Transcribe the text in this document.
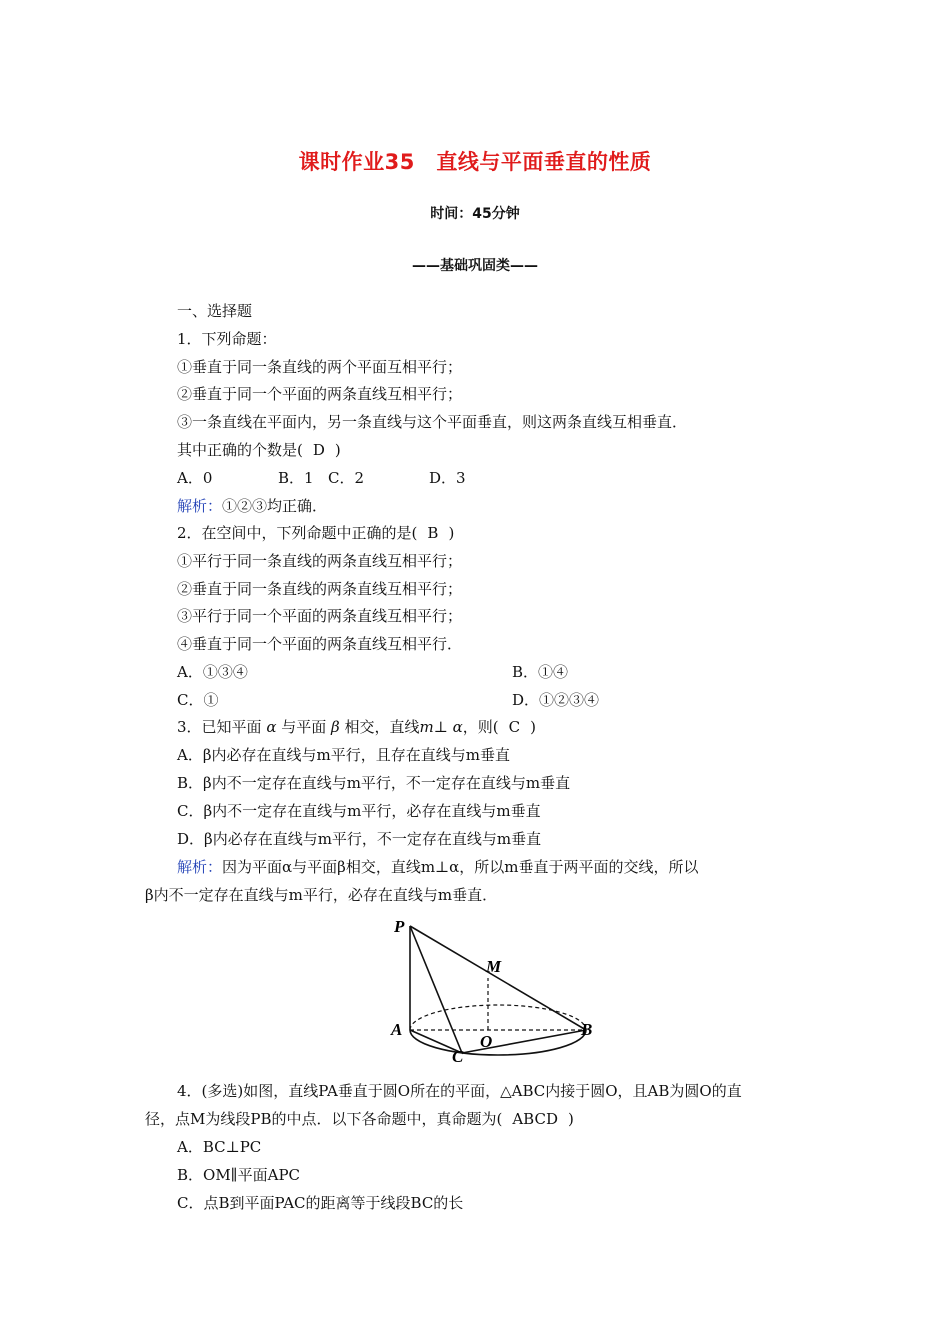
课时作业35　直线与平面垂直的性质
时间：45分钟
——基础巩固类——
一、选择题
1．下列命题：
①垂直于同一条直线的两个平面互相平行；
②垂直于同一个平面的两条直线互相平行；
③一条直线在平面内，另一条直线与这个平面垂直，则这两条直线互相垂直．
其中正确的个数是( D )
A．0	B．1 C．2	D．3
解析：①②③均正确．
2．在空间中，下列命题中正确的是( B )
①平行于同一条直线的两条直线互相平行；
②垂直于同一条直线的两条直线互相平行；
③平行于同一个平面的两条直线互相平行；
④垂直于同一个平面的两条直线互相平行．
A．①③④	B．①④
C．①	D．①②③④
3．已知平面 α 与平面 β 相交，直线m⊥ α，则( C )
A．β内必存在直线与m平行，且存在直线与m垂直
B．β内不一定存在直线与m平行，不一定存在直线与m垂直
C．β内不一定存在直线与m平行，必存在直线与m垂直
D．β内必存在直线与m平行，不一定存在直线与m垂直
解析：因为平面α与平面β相交，直线m⊥α，所以m垂直于两平面的交线，所以
β内不一定存在直线与m平行，必存在直线与m垂直．
P
M
A
O
B
C
4．(多选)如图，直线PA垂直于圆O所在的平面，△ABC内接于圆O，且AB为圆O的直
径，点M为线段PB的中点．以下各命题中，真命题为( ABCD )
A．BC⊥PC
B．OM∥平面APC
C．点B到平面PAC的距离等于线段BC的长
